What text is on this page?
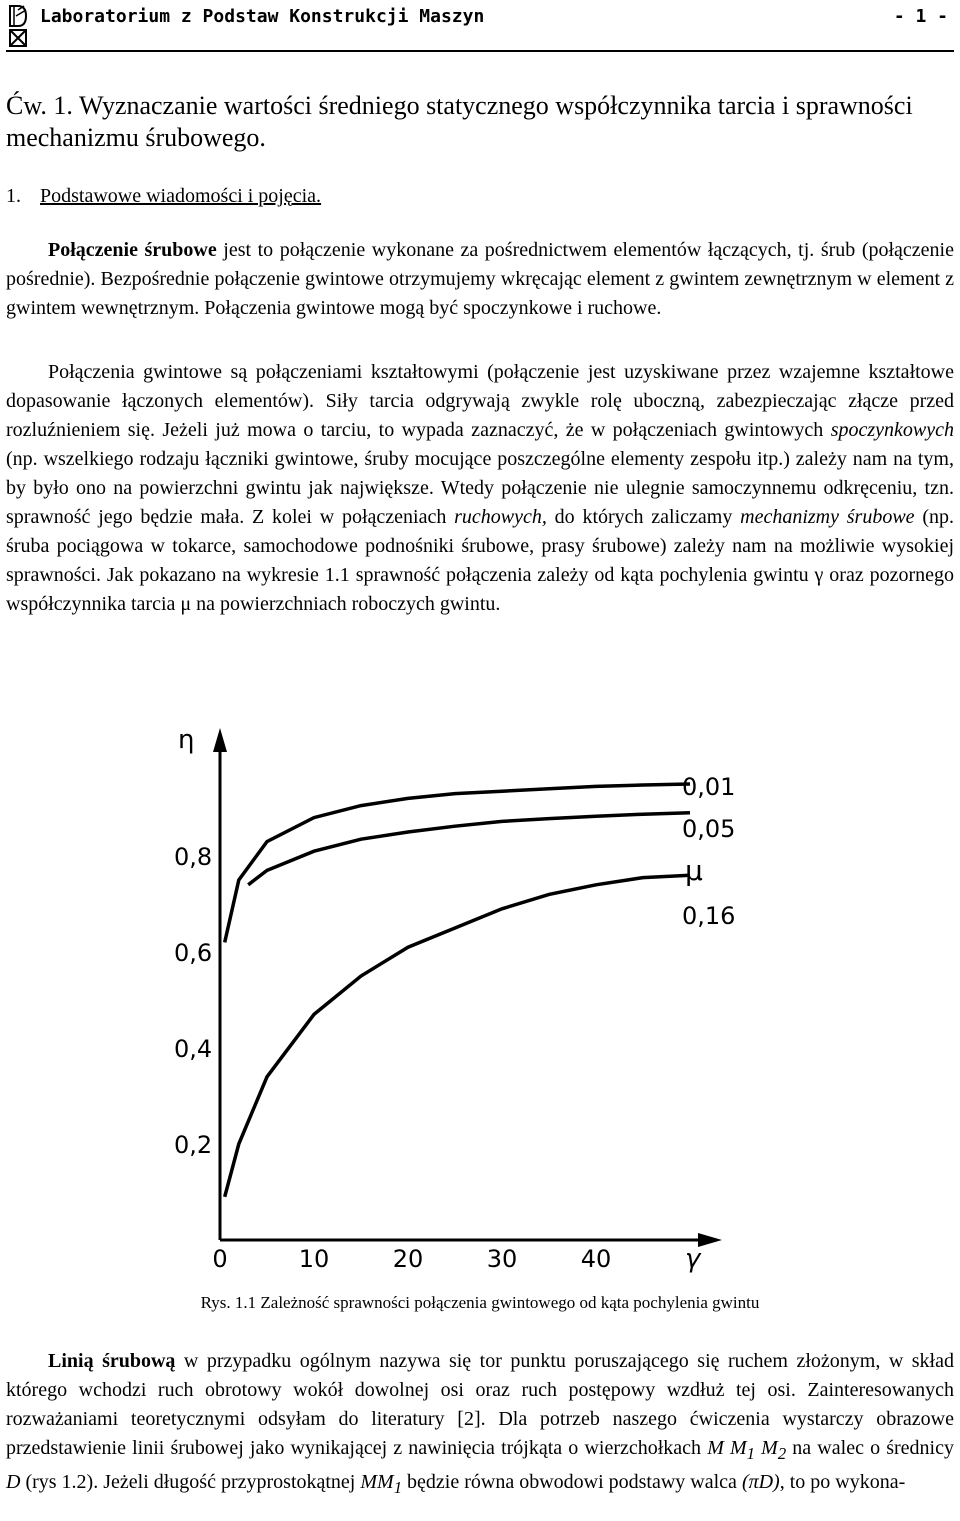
Laboratorium z Podstaw Konstrukcji Maszyn	- 1 -
Ćw. 1. Wyznaczanie wartości średniego statycznego współczynnika tarcia i sprawności mechanizmu śrubowego.
1. Podstawowe wiadomości i pojęcia.
Połączenie śrubowe jest to połączenie wykonane za pośrednictwem elementów łączących, tj. śrub (połączenie pośrednie). Bezpośrednie połączenie gwintowe otrzymujemy wkręcając element z gwintem zewnętrznym w element z gwintem wewnętrznym. Połączenia gwintowe mogą być spoczynkowe i ruchowe.
Połączenia gwintowe są połączeniami kształtowymi (połączenie jest uzyskiwane przez wzajemne kształtowe dopasowanie łączonych elementów). Siły tarcia odgrywają zwykle rolę uboczną, zabezpieczając złącze przed rozluźnieniem się. Jeżeli już mowa o tarciu, to wypada zaznaczyć, że w połączeniach gwintowych spoczynkowych (np. wszelkiego rodzaju łączniki gwintowe, śruby mocujące poszczególne elementy zespołu itp.) zależy nam na tym, by było ono na powierzchni gwintu jak największe. Wtedy połączenie nie ulegnie samoczynnemu odkręceniu, tzn. sprawność jego będzie mała. Z kolei w połączeniach ruchowych, do których zaliczamy mechanizmy śrubowe (np. śruba pociągowa w tokarce, samochodowe podnośniki śrubowe, prasy śrubowe) zależy nam na możliwie wysokiej sprawności. Jak pokazano na wykresie 1.1 sprawność połączenia zależy od kąta pochylenia gwintu γ oraz pozornego współczynnika tarcia μ na powierzchniach roboczych gwintu.
η
0,8
0,6
0,4
0,2
0	10	20	30	40	γ
0,01
0,05
0,16
μ
Rys. 1.1 Zależność sprawności połączenia gwintowego od kąta pochylenia gwintu
Linią śrubową w przypadku ogólnym nazywa się tor punktu poruszającego się ruchem złożonym, w skład którego wchodzi ruch obrotowy wokół dowolnej osi oraz ruch postępowy wzdłuż tej osi. Zainteresowanych rozważaniami teoretycznymi odsyłam do literatury [2]. Dla potrzeb naszego ćwiczenia wystarczy obrazowe przedstawienie linii śrubowej jako wynikającej z nawinięcia trójkąta o wierzchołkach M $M_1$ $M_2$ na walec o średnicy D (rys 1.2). Jeżeli długość przyprostokątnej $MM_1$ będzie równa obwodowi podstawy walca (πD), to po wykona-
